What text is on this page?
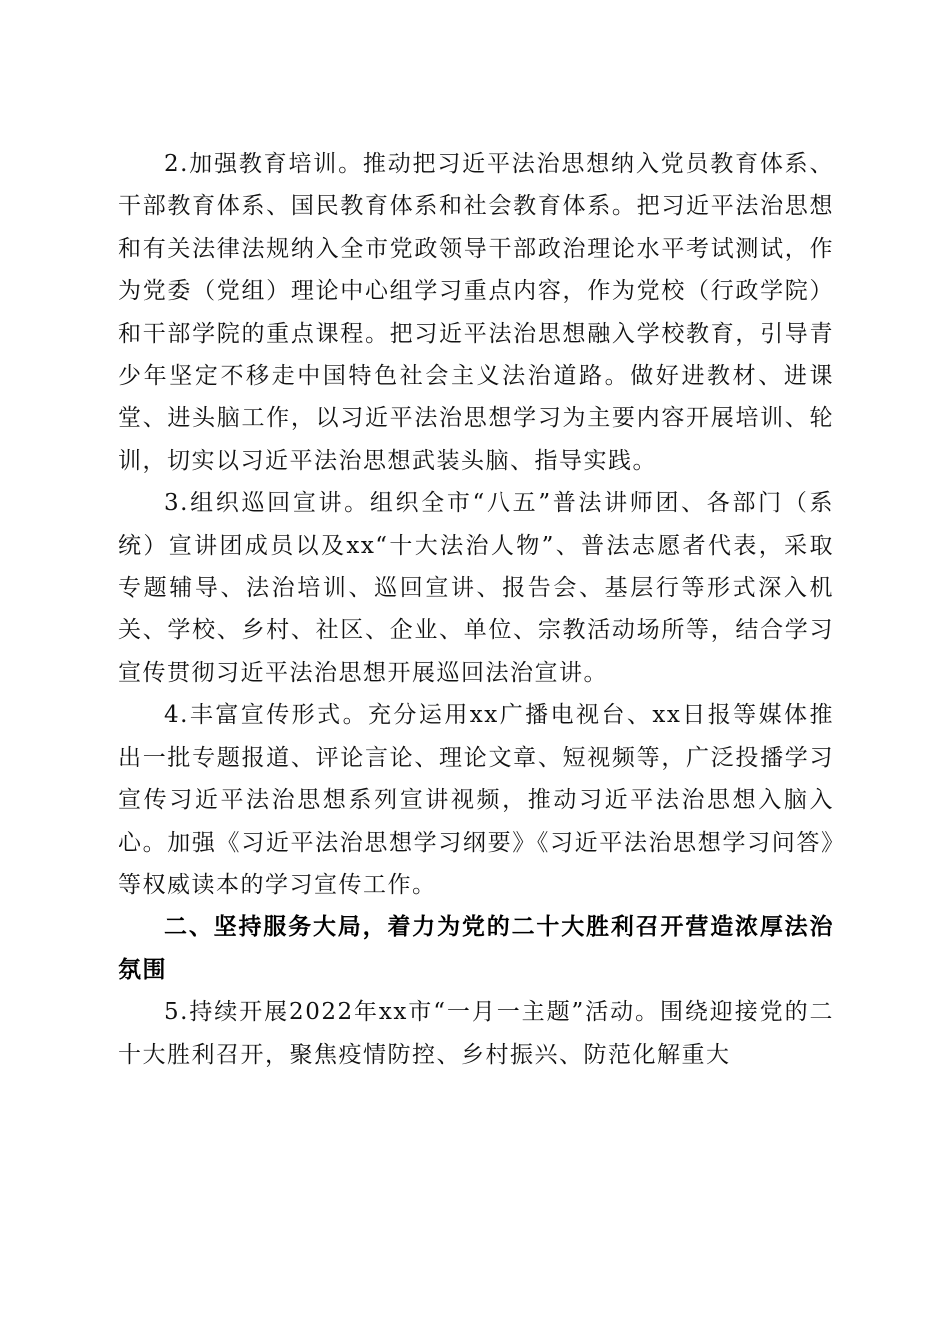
2.加强教育培训。推动把习近平法治思想纳入党员教育体系、干部教育体系、国民教育体系和社会教育体系。把习近平法治思想和有关法律法规纳入全市党政领导干部政治理论水平考试测试，作为党委（党组）理论中心组学习重点内容，作为党校（行政学院）和干部学院的重点课程。把习近平法治思想融入学校教育，引导青少年坚定不移走中国特色社会主义法治道路。做好进教材、进课堂、进头脑工作，以习近平法治思想学习为主要内容开展培训、轮训，切实以习近平法治思想武装头脑、指导实践。

3.组织巡回宣讲。组织全市“八五”普法讲师团、各部门（系统）宣讲团成员以及xx“十大法治人物”、普法志愿者代表，采取专题辅导、法治培训、巡回宣讲、报告会、基层行等形式深入机关、学校、乡村、社区、企业、单位、宗教活动场所等，结合学习宣传贯彻习近平法治思想开展巡回法治宣讲。

4.丰富宣传形式。充分运用xx广播电视台、xx日报等媒体推出一批专题报道、评论言论、理论文章、短视频等，广泛投播学习宣传习近平法治思想系列宣讲视频，推动习近平法治思想入脑入心。加强《习近平法治思想学习纲要》《习近平法治思想学习问答》等权威读本的学习宣传工作。

二、坚持服务大局，着力为党的二十大胜利召开营造浓厚法治氛围

5.持续开展2022年xx市“一月一主题”活动。围绕迎接党的二十大胜利召开，聚焦疫情防控、乡村振兴、防范化解重大
